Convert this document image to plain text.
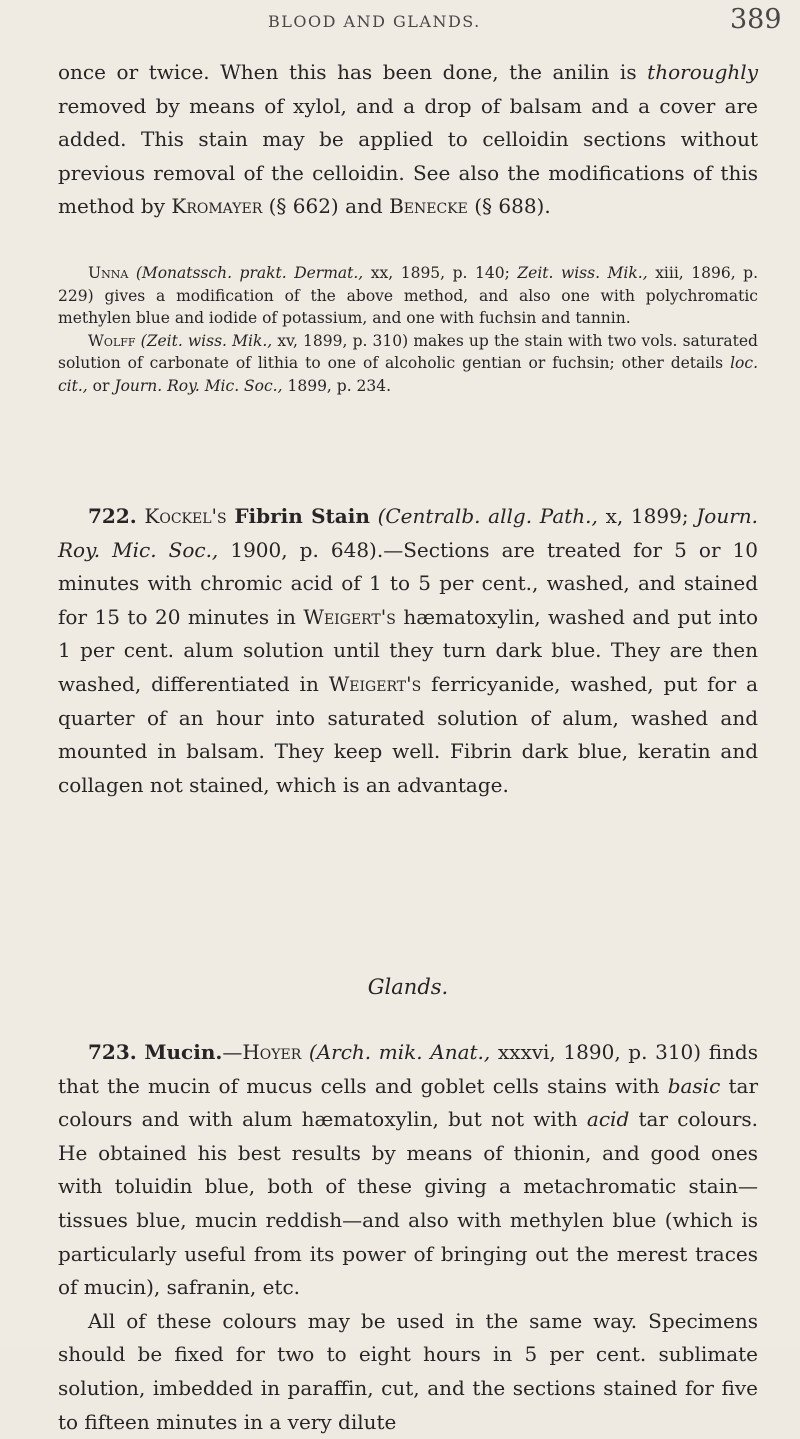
BLOOD AND GLANDS.	389

once or twice. When this has been done, the anilin is thoroughly removed by means of xylol, and a drop of balsam and a cover are added. This stain may be applied to celloidin sections without previous removal of the celloidin. See also the modifications of this method by Kromayer (§ 662) and Benecke (§ 688).

Unna (Monatssch. prakt. Dermat., xx, 1895, p. 140; Zeit. wiss. Mik., xiii, 1896, p. 229) gives a modification of the above method, and also one with polychromatic methylen blue and iodide of potassium, and one with fuchsin and tannin.

Wolff (Zeit. wiss. Mik., xv, 1899, p. 310) makes up the stain with two vols. saturated solution of carbonate of lithia to one of alcoholic gentian or fuchsin; other details loc. cit., or Journ. Roy. Mic. Soc., 1899, p. 234.

722. Kockel's Fibrin Stain (Centralb. allg. Path., x, 1899; Journ. Roy. Mic. Soc., 1900, p. 648).—Sections are treated for 5 or 10 minutes with chromic acid of 1 to 5 per cent., washed, and stained for 15 to 20 minutes in Weigert's hæmatoxylin, washed and put into 1 per cent. alum solution until they turn dark blue. They are then washed, differentiated in Weigert's ferricyanide, washed, put for a quarter of an hour into saturated solution of alum, washed and mounted in balsam. They keep well. Fibrin dark blue, keratin and collagen not stained, which is an advantage.

Glands.

723. Mucin.—Hoyer (Arch. mik. Anat., xxxvi, 1890, p. 310) finds that the mucin of mucus cells and goblet cells stains with basic tar colours and with alum hæmatoxylin, but not with acid tar colours. He obtained his best results by means of thionin, and good ones with toluidin blue, both of these giving a metachromatic stain—tissues blue, mucin reddish—and also with methylen blue (which is particularly useful from its power of bringing out the merest traces of mucin), safranin, etc.

All of these colours may be used in the same way. Specimens should be fixed for two to eight hours in 5 per cent. sublimate solution, imbedded in paraffin, cut, and the sections stained for five to fifteen minutes in a very dilute
